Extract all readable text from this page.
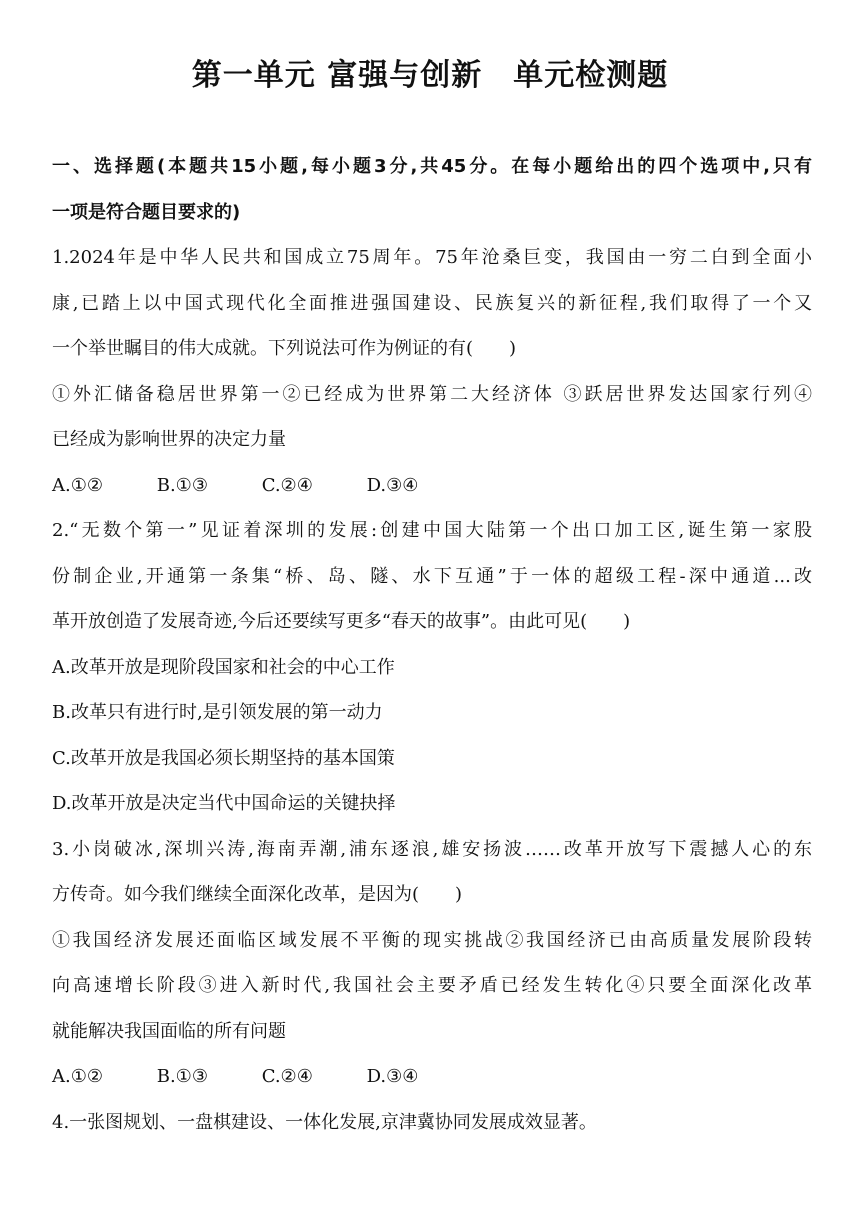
第一单元 富强与创新　单元检测题
一、选择题(本题共15小题,每小题3分,共45分。在每小题给出的四个选项中,只有
一项是符合题目要求的)
1.2024年是中华人民共和国成立75周年。75年沧桑巨变，我国由一穷二白到全面小
康,已踏上以中国式现代化全面推进强国建设、民族复兴的新征程,我们取得了一个又
一个举世瞩目的伟大成就。下列说法可作为例证的有(　　)
①外汇储备稳居世界第一②已经成为世界第二大经济体 ③跃居世界发达国家行列④
已经成为影响世界的决定力量
A.①②	B.①③	C.②④	D.③④
2.“无数个第一”见证着深圳的发展:创建中国大陆第一个出口加工区,诞生第一家股
份制企业,开通第一条集“桥、岛、隧、水下互通”于一体的超级工程-深中通道...改
革开放创造了发展奇迹,今后还要续写更多“春天的故事”。由此可见(　　)
A.改革开放是现阶段国家和社会的中心工作
B.改革只有进行时,是引领发展的第一动力
C.改革开放是我国必须长期坚持的基本国策
D.改革开放是决定当代中国命运的关键抉择
3.小岗破冰,深圳兴涛,海南弄潮,浦东逐浪,雄安扬波……改革开放写下震撼人心的东
方传奇。如今我们继续全面深化改革，是因为(　　)
①我国经济发展还面临区域发展不平衡的现实挑战②我国经济已由高质量发展阶段转
向高速增长阶段③进入新时代,我国社会主要矛盾已经发生转化④只要全面深化改革
就能解决我国面临的所有问题
A.①②	B.①③	C.②④	D.③④
4.一张图规划、一盘棋建设、一体化发展,京津冀协同发展成效显著。
